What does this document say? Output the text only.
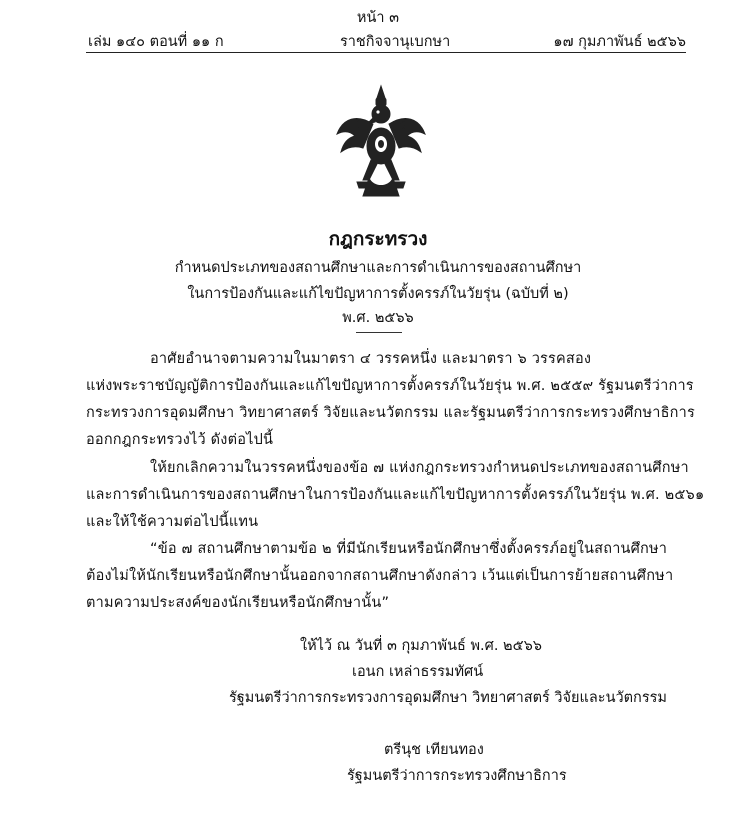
หน้า ๓
เล่ม ๑๔๐ ตอนที่ ๑๑ ก	ราชกิจจานุเบกษา	๑๗ กุมภาพันธ์ ๒๕๖๖
กฎกระทรวง
กำหนดประเภทของสถานศึกษาและการดำเนินการของสถานศึกษา
ในการป้องกันและแก้ไขปัญหาการตั้งครรภ์ในวัยรุ่น (ฉบับที่ ๒)
พ.ศ. ๒๕๖๖
อาศัยอำนาจตามความในมาตรา ๔ วรรคหนึ่ง และมาตรา ๖ วรรคสอง
แห่งพระราชบัญญัติการป้องกันและแก้ไขปัญหาการตั้งครรภ์ในวัยรุ่น พ.ศ. ๒๕๕๙ รัฐมนตรีว่าการ
กระทรวงการอุดมศึกษา วิทยาศาสตร์ วิจัยและนวัตกรรม และรัฐมนตรีว่าการกระทรวงศึกษาธิการ
ออกกฎกระทรวงไว้ ดังต่อไปนี้
ให้ยกเลิกความในวรรคหนึ่งของข้อ ๗ แห่งกฎกระทรวงกำหนดประเภทของสถานศึกษา
และการดำเนินการของสถานศึกษาในการป้องกันและแก้ไขปัญหาการตั้งครรภ์ในวัยรุ่น พ.ศ. ๒๕๖๑
และให้ใช้ความต่อไปนี้แทน
“ข้อ ๗ สถานศึกษาตามข้อ ๒ ที่มีนักเรียนหรือนักศึกษาซึ่งตั้งครรภ์อยู่ในสถานศึกษา
ต้องไม่ให้นักเรียนหรือนักศึกษานั้นออกจากสถานศึกษาดังกล่าว เว้นแต่เป็นการย้ายสถานศึกษา
ตามความประสงค์ของนักเรียนหรือนักศึกษานั้น”
ให้ไว้ ณ วันที่ ๓ กุมภาพันธ์ พ.ศ. ๒๕๖๖
เอนก เหล่าธรรมทัศน์
รัฐมนตรีว่าการกระทรวงการอุดมศึกษา วิทยาศาสตร์ วิจัยและนวัตกรรม
ตรีนุช เทียนทอง
รัฐมนตรีว่าการกระทรวงศึกษาธิการ
